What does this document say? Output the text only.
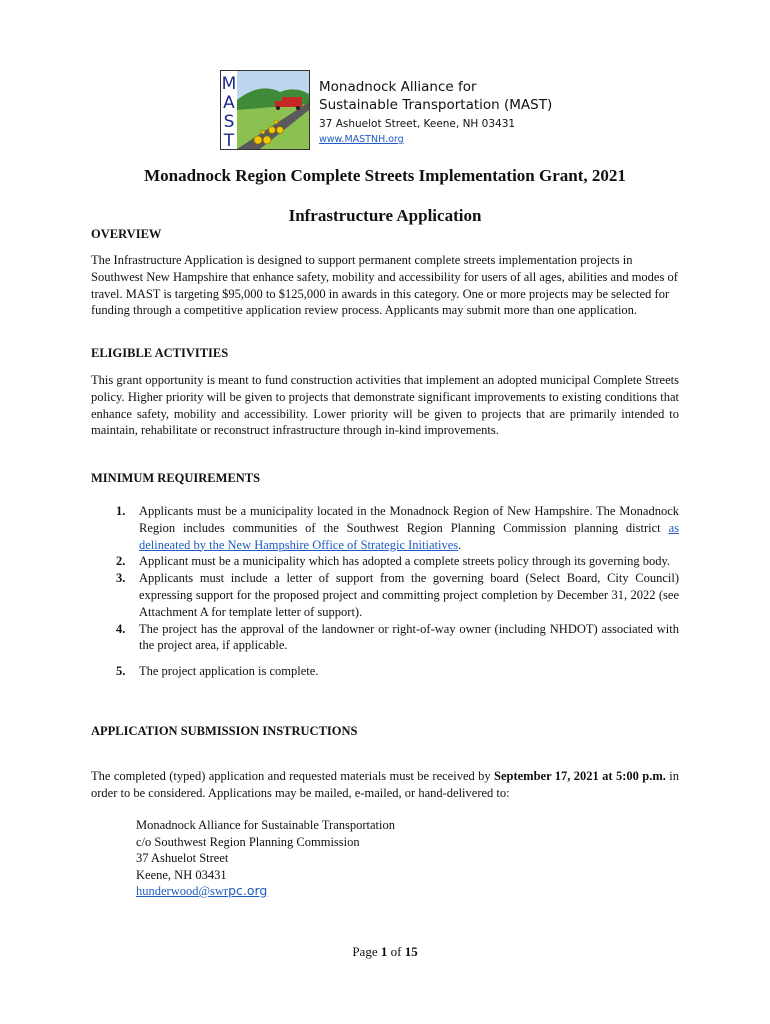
M
A
S
T
Monadnock Alliance for
Sustainable Transportation (MAST)
37 Ashuelot Street, Keene, NH 03431
www.MASTNH.org
Monadnock Region Complete Streets Implementation Grant, 2021
Infrastructure Application
OVERVIEW
The Infrastructure Application is designed to support permanent complete streets implementation projects in Southwest New Hampshire that enhance safety, mobility and accessibility for users of all ages, abilities and modes of travel. MAST is targeting $95,000 to $125,000 in awards in this category. One or more projects may be selected for funding through a competitive application review process. Applicants may submit more than one application.
ELIGIBLE ACTIVITIES
This grant opportunity is meant to fund construction activities that implement an adopted municipal Complete Streets policy. Higher priority will be given to projects that demonstrate significant improvements to existing conditions that enhance safety, mobility and accessibility. Lower priority will be given to projects that are primarily intended to maintain, rehabilitate or reconstruct infrastructure through in-kind improvements.
MINIMUM REQUIREMENTS
1. Applicants must be a municipality located in the Monadnock Region of New Hampshire. The Monadnock Region includes communities of the Southwest Region Planning Commission planning district as delineated by the New Hampshire Office of Strategic Initiatives.
2. Applicant must be a municipality which has adopted a complete streets policy through its governing body.
3. Applicants must include a letter of support from the governing board (Select Board, City Council) expressing support for the proposed project and committing project completion by December 31, 2022 (see Attachment A for template letter of support).
4. The project has the approval of the landowner or right-of-way owner (including NHDOT) associated with the project area, if applicable.
5. The project application is complete.
APPLICATION SUBMISSION INSTRUCTIONS
The completed (typed) application and requested materials must be received by September 17, 2021 at 5:00 p.m. in order to be considered. Applications may be mailed, e-mailed, or hand-delivered to:
Monadnock Alliance for Sustainable Transportation
c/o Southwest Region Planning Commission
37 Ashuelot Street
Keene, NH 03431
hunderwood@swrpc.org
Page 1 of 15
